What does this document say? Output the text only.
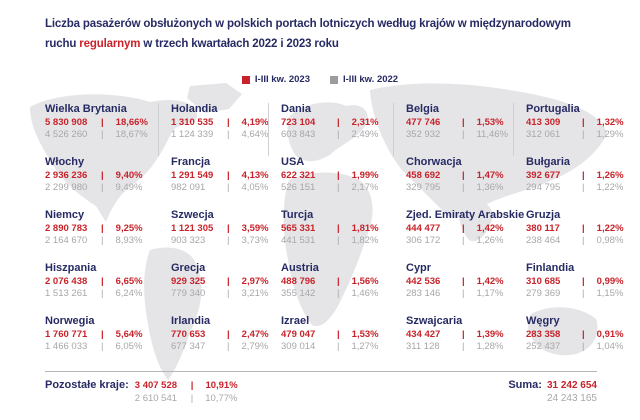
Liczba pasażerów obsłużonych w polskich portach lotniczych według krajów w międzynarodowym
ruchu regularnym w trzech kwartałach 2022 i 2023 roku
I-III kw. 2023	I-III kw. 2022
Wielka Brytania
5 830 908 | 18,66%
4 526 260 | 18,67%
Włochy
2 936 236 | 9,40%
2 299 980 | 9,49%
Niemcy
2 890 783 | 9,25%
2 164 670 | 8,93%
Hiszpania
2 076 438 | 6,65%
1 513 261 | 6,24%
Norwegia
1 760 771 | 5,64%
1 466 033 | 6,05%
Holandia
1 310 535 | 4,19%
1 124 339 | 4,64%
Francja
1 291 549 | 4,13%
982 091 | 4,05%
Szwecja
1 121 305 | 3,59%
903 323 | 3,73%
Grecja
929 325 | 2,97%
779 340 | 3,21%
Irlandia
770 653 | 2,47%
677 347 | 2,79%
Dania
723 104 | 2,31%
603 843 | 2,49%
USA
622 321 | 1,99%
526 151 | 2,17%
Turcja
565 331 | 1,81%
441 531 | 1,82%
Austria
488 796 | 1,56%
355 142 | 1,46%
Izrael
479 047 | 1,53%
309 014 | 1,27%
Belgia
477 746 | 1,53%
352 932 | 11,46%
Chorwacja
458 692 | 1,47%
329 795 | 1,36%
Zjed. Emiraty Arabskie
444 477 | 1,42%
306 172 | 1,26%
Cypr
442 536 | 1,42%
283 146 | 1,17%
Szwajcaria
434 427 | 1,39%
311 128 | 1,28%
Portugalia
413 309 | 1,32%
312 061 | 1,29%
Bułgaria
392 677 | 1,26%
294 795 | 1,22%
Gruzja
380 117 | 1,22%
238 464 | 0,98%
Finlandia
310 685 | 0,99%
279 369 | 1,15%
Węgry
283 358 | 0,91%
252 437 | 1,04%
Pozostałe kraje: 3 407 528 | 10,91%
2 610 541 | 10,77%
Suma: 31 242 654
24 243 165
